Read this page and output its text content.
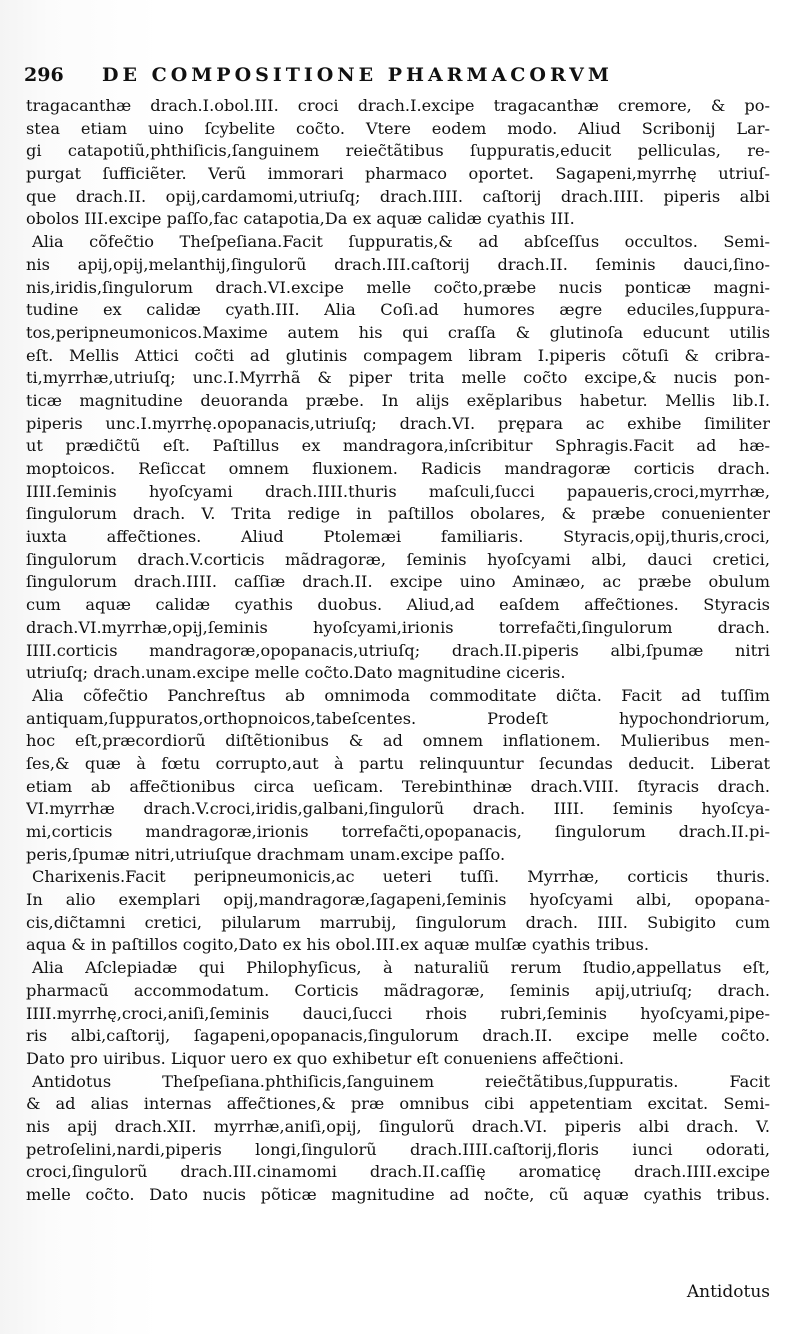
296	DE COMPOSITIONE PHARMACORVM
tragacanthæ drach.I.obol.III. croci drach.I.excipe tragacanthæ cremore, & po-
stea etiam uino ſcybelite coc̃to. Vtere eodem modo. Aliud Scribonij Lar-
gi catapotiũ,phthiſicis,ſanguinem reiec̃tãtibus ſuppuratis,educit pelliculas, re-
purgat ſufficiẽter. Verũ immorari pharmaco oportet. Sagapeni,myrrhę utriuſ-
que drach.II. opij,cardamomi,utriuſq; drach.IIII. caſtorij drach.IIII. piperis albi
obolos III.excipe paſſo,fac catapotia,Da ex aquæ calidæ cyathis III.
Alia cõfec̃tio Theſpeſiana.Facit ſuppuratis,& ad abſceſſus occultos. Semi-
nis apij,opij,melanthij,ſingulorũ drach.III.caſtorij drach.II. ſeminis dauci,ſino-
nis,iridis,ſingulorum drach.VI.excipe melle coc̃to,præbe nucis ponticæ magni-
tudine ex calidæ cyath.III. Alia Coſi.ad humores ægre educiles,ſuppura-
tos,peripneumonicos.Maxime autem his qui craſſa & glutinoſa educunt utilis
eſt. Mellis Attici coc̃ti ad glutinis compagem libram I.piperis cõtuſi & cribra-
ti,myrrhæ,utriuſq; unc.I.Myrrhã & piper trita melle coc̃to excipe,& nucis pon-
ticæ magnitudine deuoranda præbe. In alijs exẽplaribus habetur. Mellis lib.I.
piperis unc.I.myrrhę.opopanacis,utriuſq; drach.VI. prępara ac exhibe ſimiliter
ut prædic̃tũ eſt. Paſtillus ex mandragora,inſcribitur Sphragis.Facit ad hæ-
moptoicos. Reſiccat omnem fluxionem. Radicis mandragoræ corticis drach.
IIII.ſeminis hyoſcyami drach.IIII.thuris maſculi,ſucci papaueris,croci,myrrhæ,
ſingulorum drach. V. Trita redige in paſtillos obolares, & præbe conuenienter
iuxta affec̃tiones. Aliud Ptolemæi familiaris. Styracis,opij,thuris,croci,
ſingulorum drach.V.corticis mãdragoræ, ſeminis hyoſcyami albi, dauci cretici,
ſingulorum drach.IIII. caſſiæ drach.II. excipe uino Aminæo, ac præbe obulum
cum aquæ calidæ cyathis duobus. Aliud,ad eaſdem affec̃tiones. Styracis
drach.VI.myrrhæ,opij,ſeminis hyoſcyami,irionis torrefac̃ti,ſingulorum drach.
IIII.corticis mandragoræ,opopanacis,utriuſq; drach.II.piperis albi,ſpumæ nitri
utriuſq; drach.unam.excipe melle coc̃to.Dato magnitudine ciceris.
Alia cõfec̃tio Panchreſtus ab omnimoda commoditate dic̃ta. Facit ad tuſſim
antiquam,ſuppuratos,orthopnoicos,tabeſcentes. Prodeſt hypochondriorum,
hoc eſt,præcordiorũ diſtẽtionibus & ad omnem inflationem. Mulieribus men-
ſes,& quæ à fœtu corrupto,aut à partu relinquuntur ſecundas deducit. Liberat
etiam ab affec̃tionibus circa ueſicam. Terebinthinæ drach.VIII. ſtyracis drach.
VI.myrrhæ drach.V.croci,iridis,galbani,ſingulorũ drach. IIII. ſeminis hyoſcya-
mi,corticis mandragoræ,irionis torrefac̃ti,opopanacis, ſingulorum drach.II.pi-
peris,ſpumæ nitri,utriuſque drachmam unam.excipe paſſo.
Charixenis.Facit peripneumonicis,ac ueteri tuſſi. Myrrhæ, corticis thuris.
In alio exemplari opij,mandragoræ,ſagapeni,ſeminis hyoſcyami albi, opopana-
cis,dic̃tamni cretici, pilularum marrubij, ſingulorum drach. IIII. Subigito cum
aqua & in paſtillos cogito,Dato ex his obol.III.ex aquæ mulſæ cyathis tribus.
Alia Aſclepiadæ qui Philophyſicus, à naturaliũ rerum ſtudio,appellatus eſt,
pharmacũ accommodatum. Corticis mãdragoræ, ſeminis apij,utriuſq; drach.
IIII.myrrhę,croci,aniſi,ſeminis dauci,ſucci rhois rubri,ſeminis hyoſcyami,pipe-
ris albi,caſtorij, ſagapeni,opopanacis,ſingulorum drach.II. excipe melle coc̃to.
Dato pro uiribus. Liquor uero ex quo exhibetur eſt conueniens affec̃tioni.
Antidotus Theſpeſiana.phthiſicis,ſanguinem reiec̃tãtibus,ſuppuratis. Facit
& ad alias internas affec̃tiones,& præ omnibus cibi appetentiam excitat. Semi-
nis apij drach.XII. myrrhæ,aniſi,opij, ſingulorũ drach.VI. piperis albi drach. V.
petroſelini,nardi,piperis longi,ſingulorũ drach.IIII.caſtorij,floris iunci odorati,
croci,ſingulorũ drach.III.cinamomi drach.II.caſſię aromaticę drach.IIII.excipe
melle coc̃to. Dato nucis põticæ magnitudine ad noc̃te, cũ aquæ cyathis tribus.
Antidotus
